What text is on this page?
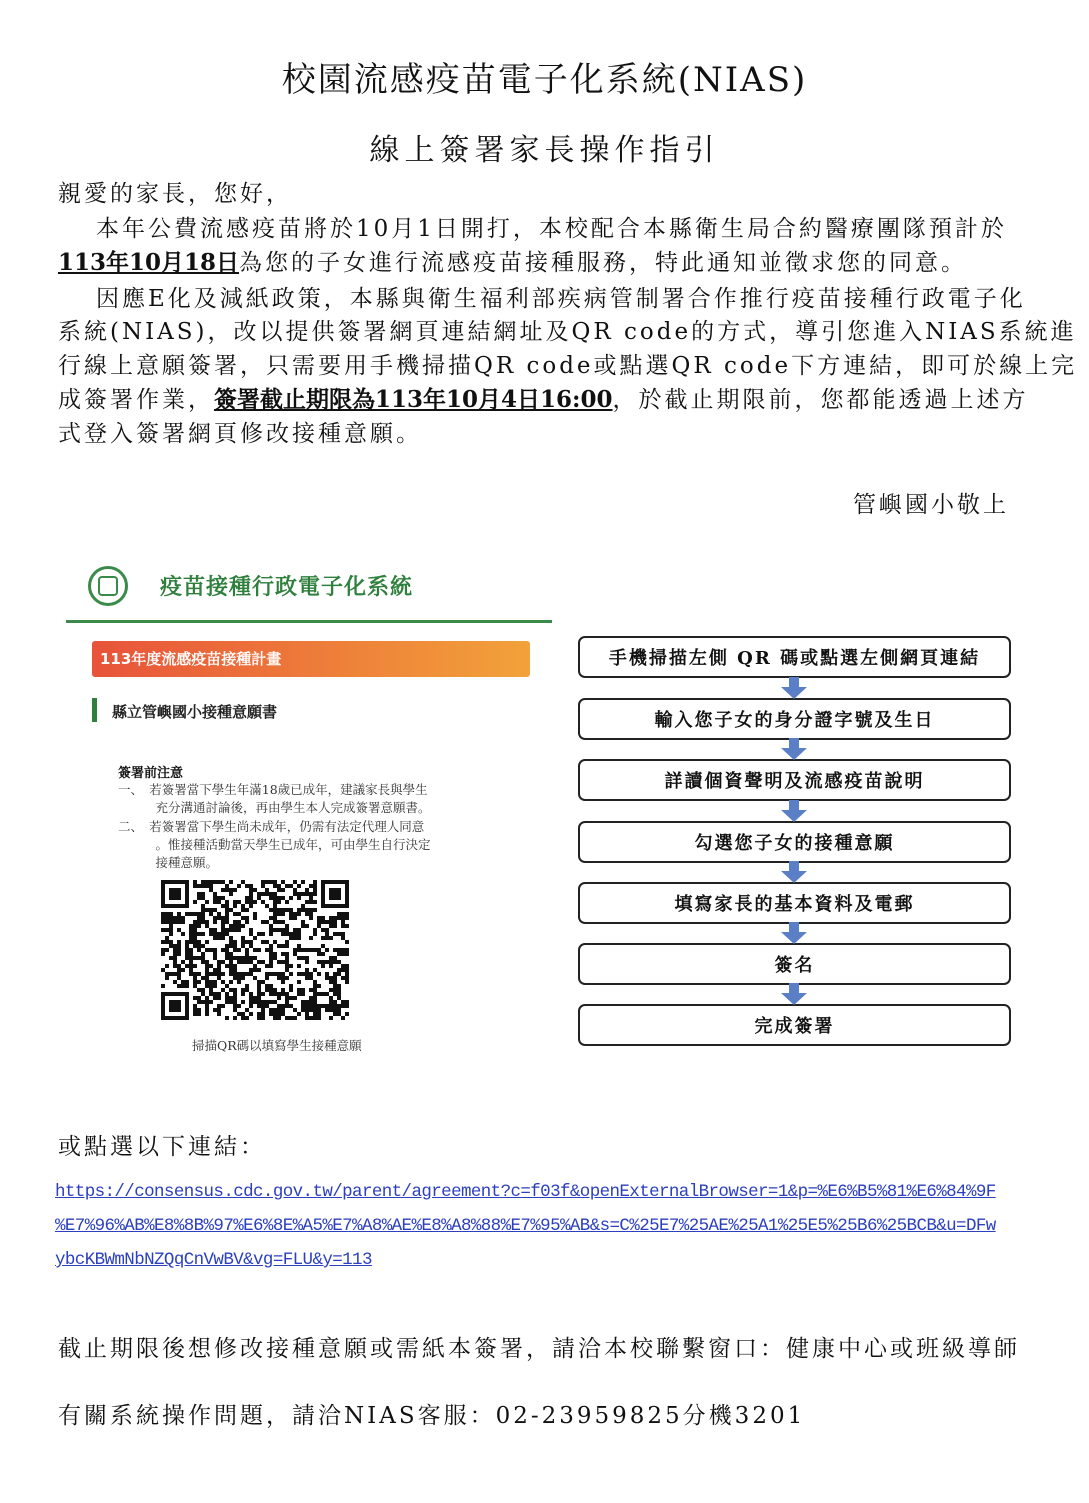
校園流感疫苗電子化系統(NIAS)
線上簽署家長操作指引
親愛的家長，您好，
本年公費流感疫苗將於10月1日開打，本校配合本縣衛生局合約醫療團隊預計於
113年10月18日為您的子女進行流感疫苗接種服務，特此通知並徵求您的同意。
因應E化及減紙政策，本縣與衛生福利部疾病管制署合作推行疫苗接種行政電子化
系統(NIAS)，改以提供簽署網頁連結網址及QR code的方式，導引您進入NIAS系統進
行線上意願簽署，只需要用手機掃描QR code或點選QR code下方連結，即可於線上完
成簽署作業，簽署截止期限為113年10月4日16:00，於截止期限前，您都能透過上述方
式登入簽署網頁修改接種意願。
管嶼國小敬上
疫苗接種行政電子化系統
113年度流感疫苗接種計畫
縣立管嶼國小接種意願書
簽署前注意
一、　若簽署當下學生年滿18歲已成年，建議家長與學生
　　　充分溝通討論後，再由學生本人完成簽署意願書。
二、　若簽署當下學生尚未成年，仍需有法定代理人同意
　　　。惟接種活動當天學生已成年，可由學生自行決定
　　　接種意願。
掃描QR碼以填寫學生接種意願
手機掃描左側 QR 碼或點選左側網頁連結
輸入您子女的身分證字號及生日
詳讀個資聲明及流感疫苗說明
勾選您子女的接種意願
填寫家長的基本資料及電郵
簽名
完成簽署
或點選以下連結：
https://consensus.cdc.gov.tw/parent/agreement?c=f03f&openExternalBrowser=1&p=%E6%B5%81%E6%84%9F
%E7%96%AB%E8%8B%97%E6%8E%A5%E7%A8%AE%E8%A8%88%E7%95%AB&s=C%25E7%25AE%25A1%25E5%25B6%25BCB&u=DFw
ybcKBWmNbNZQqCnVwBV&vg=FLU&y=113
截止期限後想修改接種意願或需紙本簽署，請洽本校聯繫窗口：健康中心或班級導師
有關系統操作問題，請洽NIAS客服：02-23959825分機3201
